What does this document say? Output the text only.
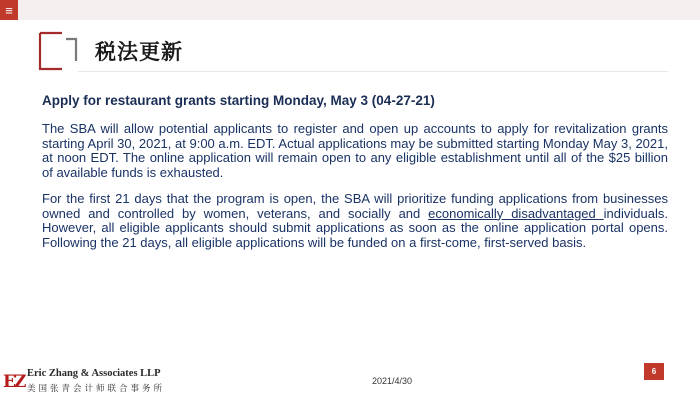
≡
税法更新

Apply for restaurant grants starting Monday, May 3 (04-27-21)

The SBA will allow potential applicants to register and open up accounts to apply for revitalization grants starting April 30, 2021, at 9:00 a.m. EDT. Actual applications may be submitted starting Monday May 3, 2021, at noon EDT. The online application will remain open to any eligible establishment until all of the $25 billion of available funds is exhausted.

For the first 21 days that the program is open, the SBA will prioritize funding applications from businesses owned and controlled by women, veterans, and socially and economically disadvantaged individuals. However, all eligible applicants should submit applications as soon as the online application portal opens. Following the 21 days, all eligible applications will be funded on a first-come, first-served basis.

EZ Eric Zhang & Associates LLP
美国张青会计师联合事务所
2021/4/30
6
